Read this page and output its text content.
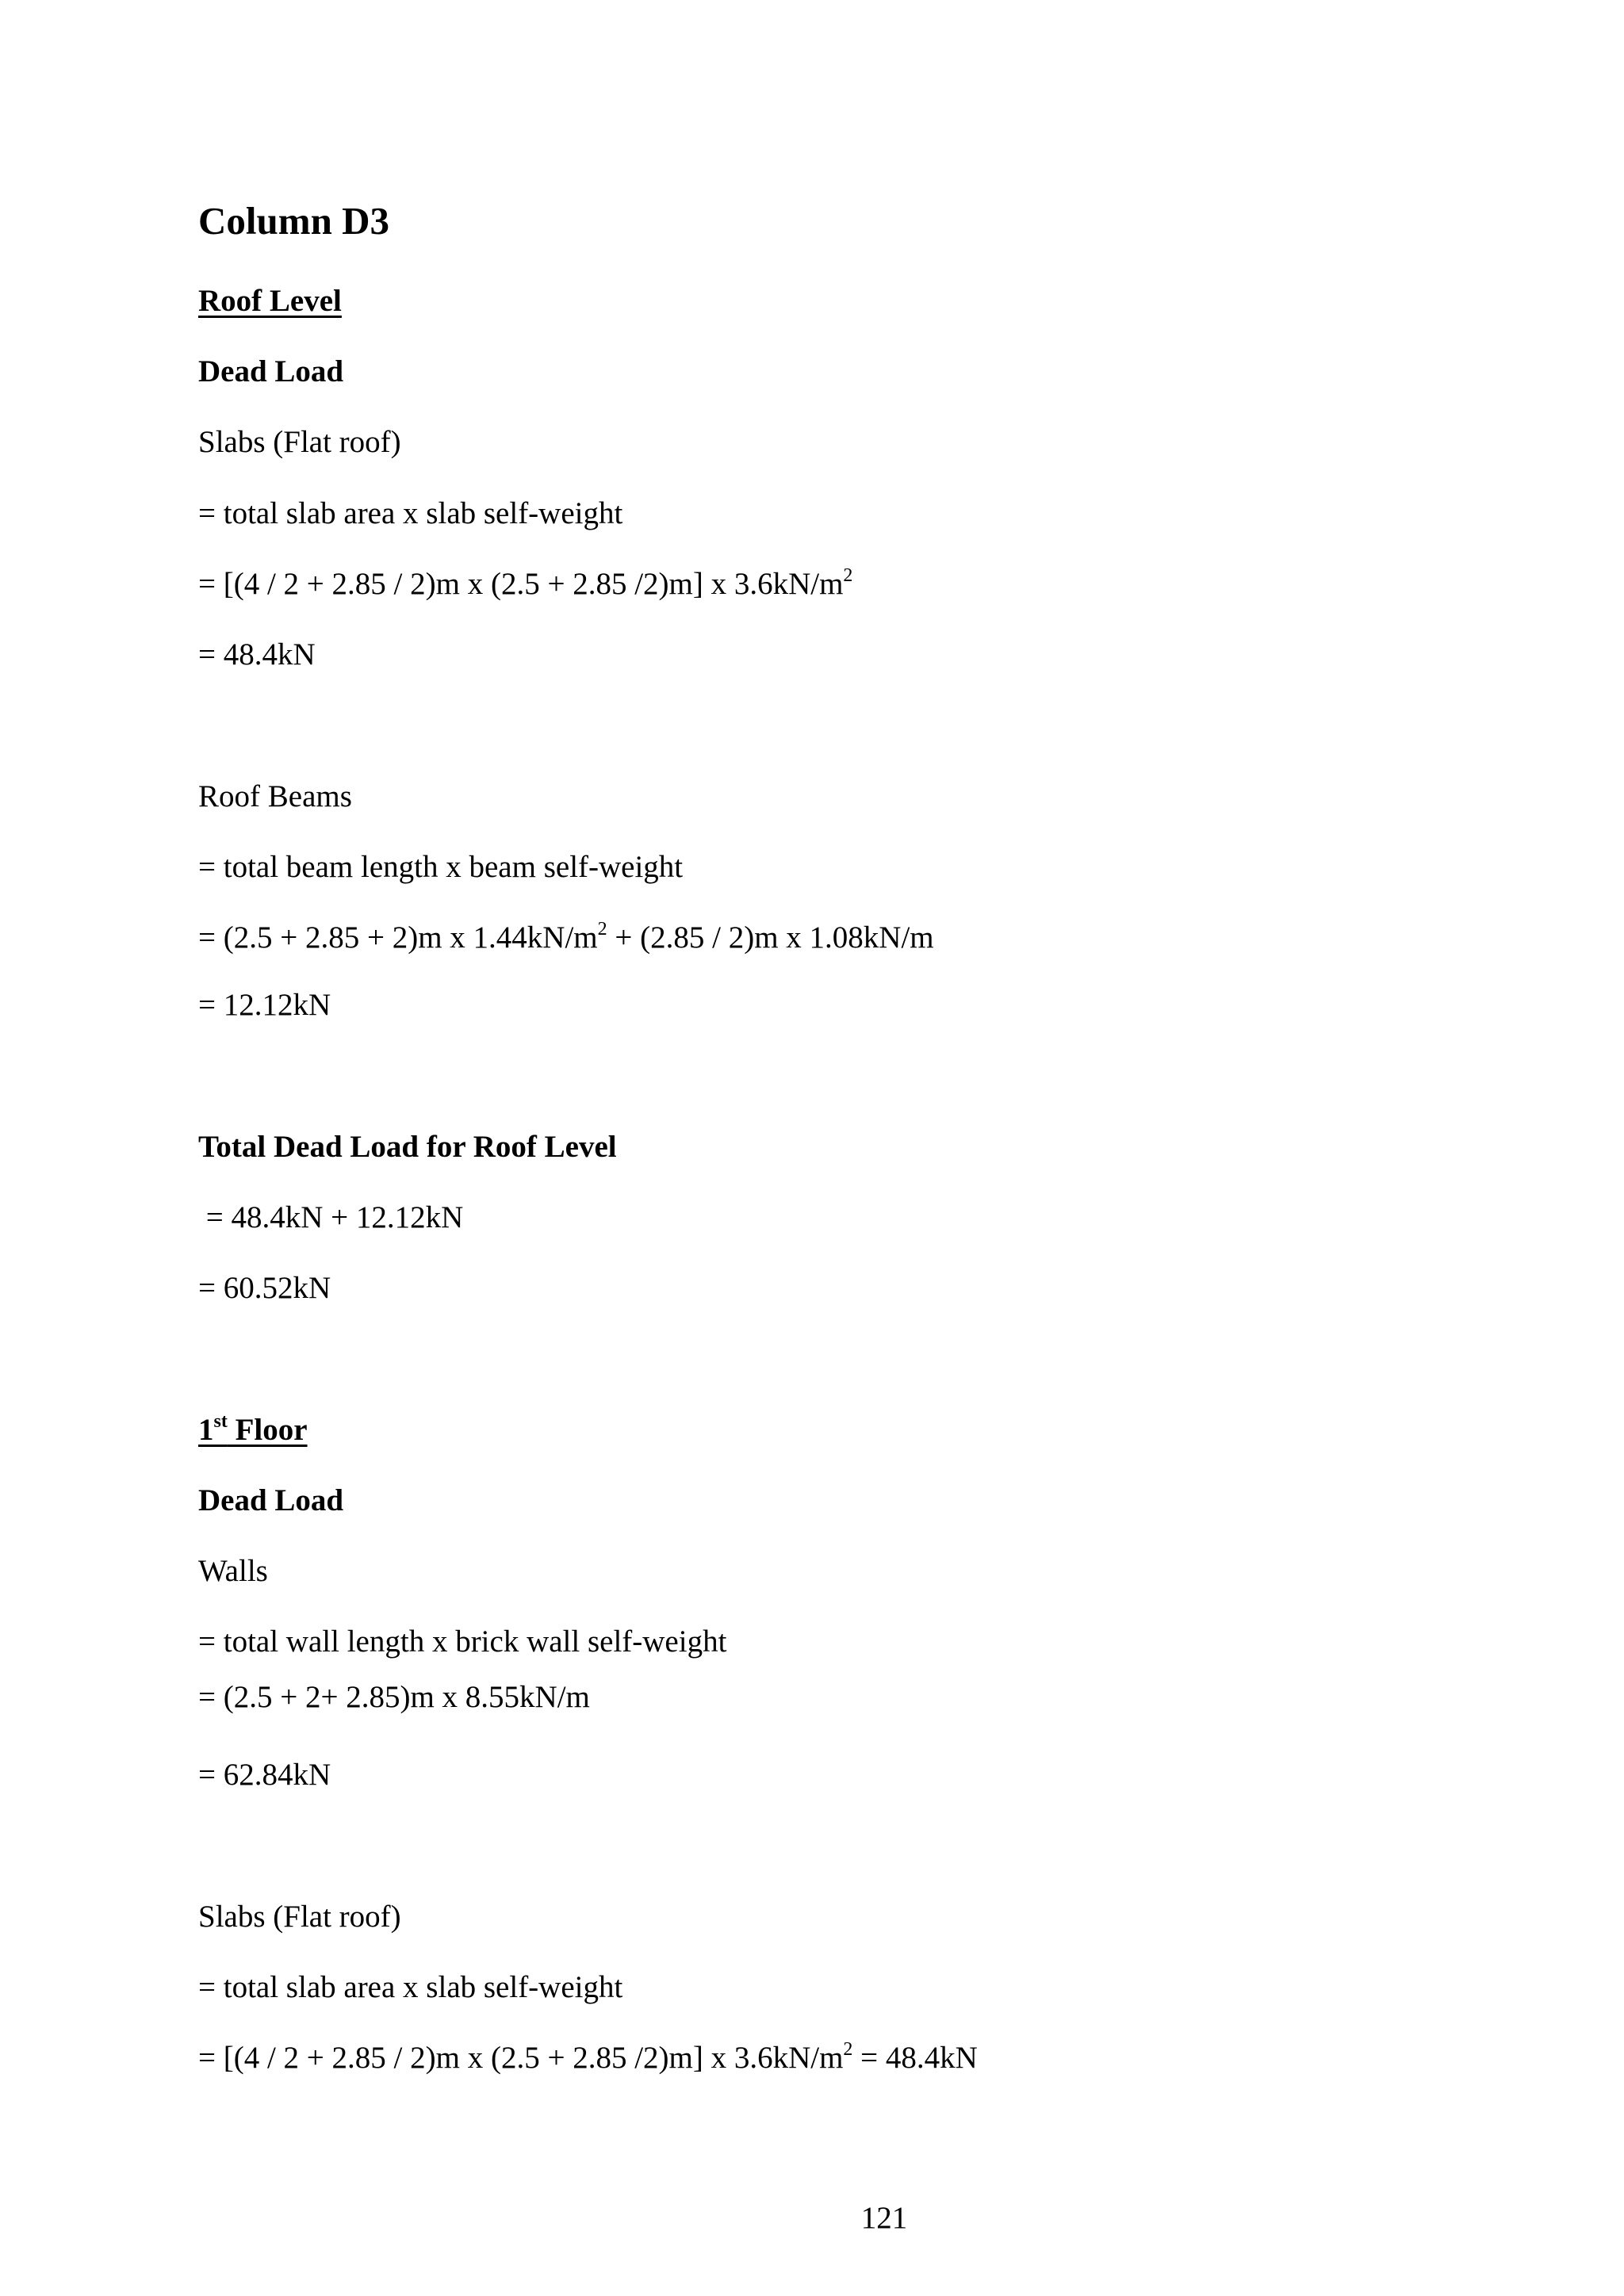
Column D3
Roof Level
Dead Load
Slabs (Flat roof)
= total slab area x slab self-weight
= [(4 / 2 + 2.85 / 2)m x (2.5 + 2.85 /2)m] x $3.6kN/m^2$
= 48.4kN
Roof Beams
= total beam length x beam self-weight
= (2.5 + 2.85 + 2)m x $1.44kN/m^2 + (2.85 / 2)m$ x 1.08kN/m
= 12.12kN
Total Dead Load for Roof Level
= 48.4kN + 12.12kN
= 60.52kN
1st Floor
Dead Load
Walls
= total wall length x brick wall self-weight
= (2.5 + 2+ 2.85)m x 8.55kN/m
= 62.84kN
Slabs (Flat roof)
= total slab area x slab self-weight
= [(4 / 2 + 2.85 / 2)m x (2.5 + 2.85 /2)m] x $3.6kN/m^2 = 48.4kN$
121
